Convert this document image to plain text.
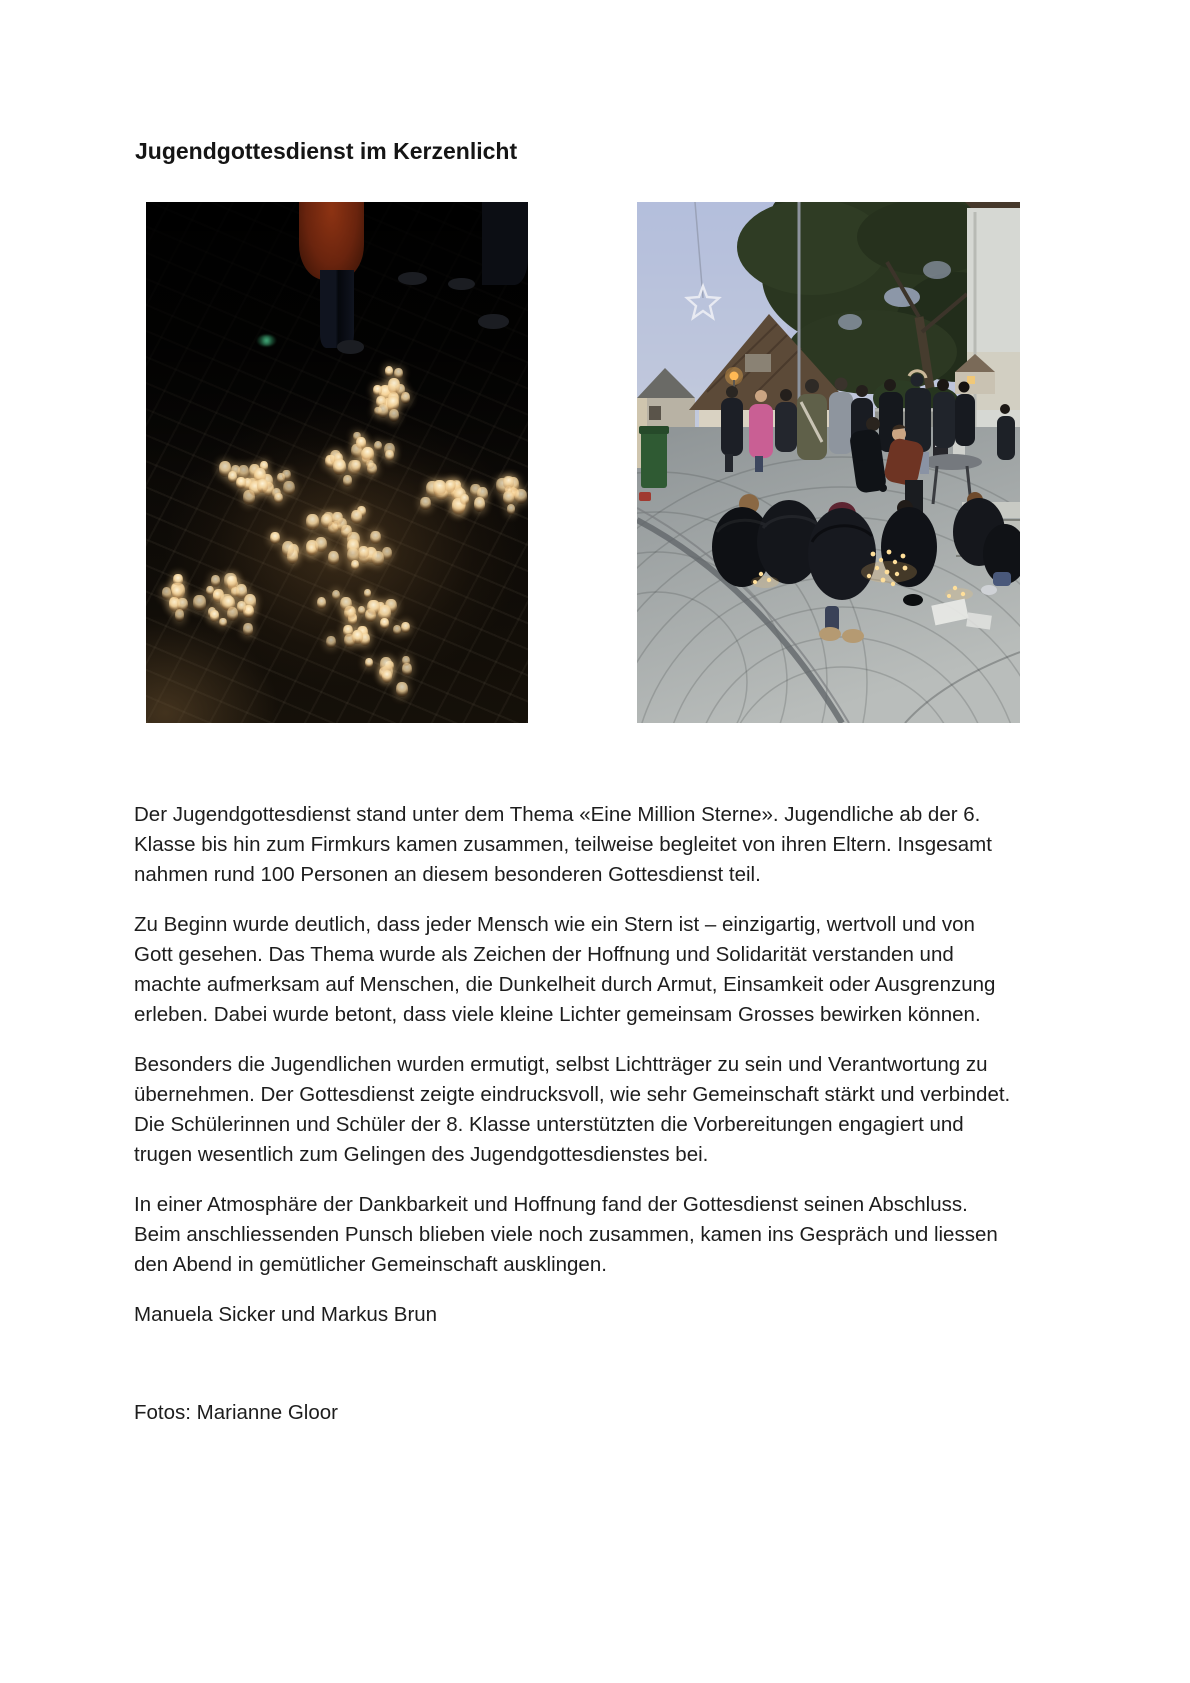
Jugendgottesdienst im Kerzenlicht

Der Jugendgottesdienst stand unter dem Thema «Eine Million Sterne». Jugendliche ab der 6. Klasse bis hin zum Firmkurs kamen zusammen, teilweise begleitet von ihren Eltern. Insgesamt nahmen rund 100 Personen an diesem besonderen Gottesdienst teil.

Zu Beginn wurde deutlich, dass jeder Mensch wie ein Stern ist – einzigartig, wertvoll und von Gott gesehen. Das Thema wurde als Zeichen der Hoffnung und Solidarität verstanden und machte aufmerksam auf Menschen, die Dunkelheit durch Armut, Einsamkeit oder Ausgrenzung erleben. Dabei wurde betont, dass viele kleine Lichter gemeinsam Grosses bewirken können.

Besonders die Jugendlichen wurden ermutigt, selbst Lichtträger zu sein und Verantwortung zu übernehmen. Der Gottesdienst zeigte eindrucksvoll, wie sehr Gemeinschaft stärkt und verbindet. Die Schülerinnen und Schüler der 8. Klasse unterstützten die Vorbereitungen engagiert und trugen wesentlich zum Gelingen des Jugendgottesdienstes bei.

In einer Atmosphäre der Dankbarkeit und Hoffnung fand der Gottesdienst seinen Abschluss. Beim anschliessenden Punsch blieben viele noch zusammen, kamen ins Gespräch und liessen den Abend in gemütlicher Gemeinschaft ausklingen.

Manuela Sicker und Markus Brun

Fotos: Marianne Gloor
